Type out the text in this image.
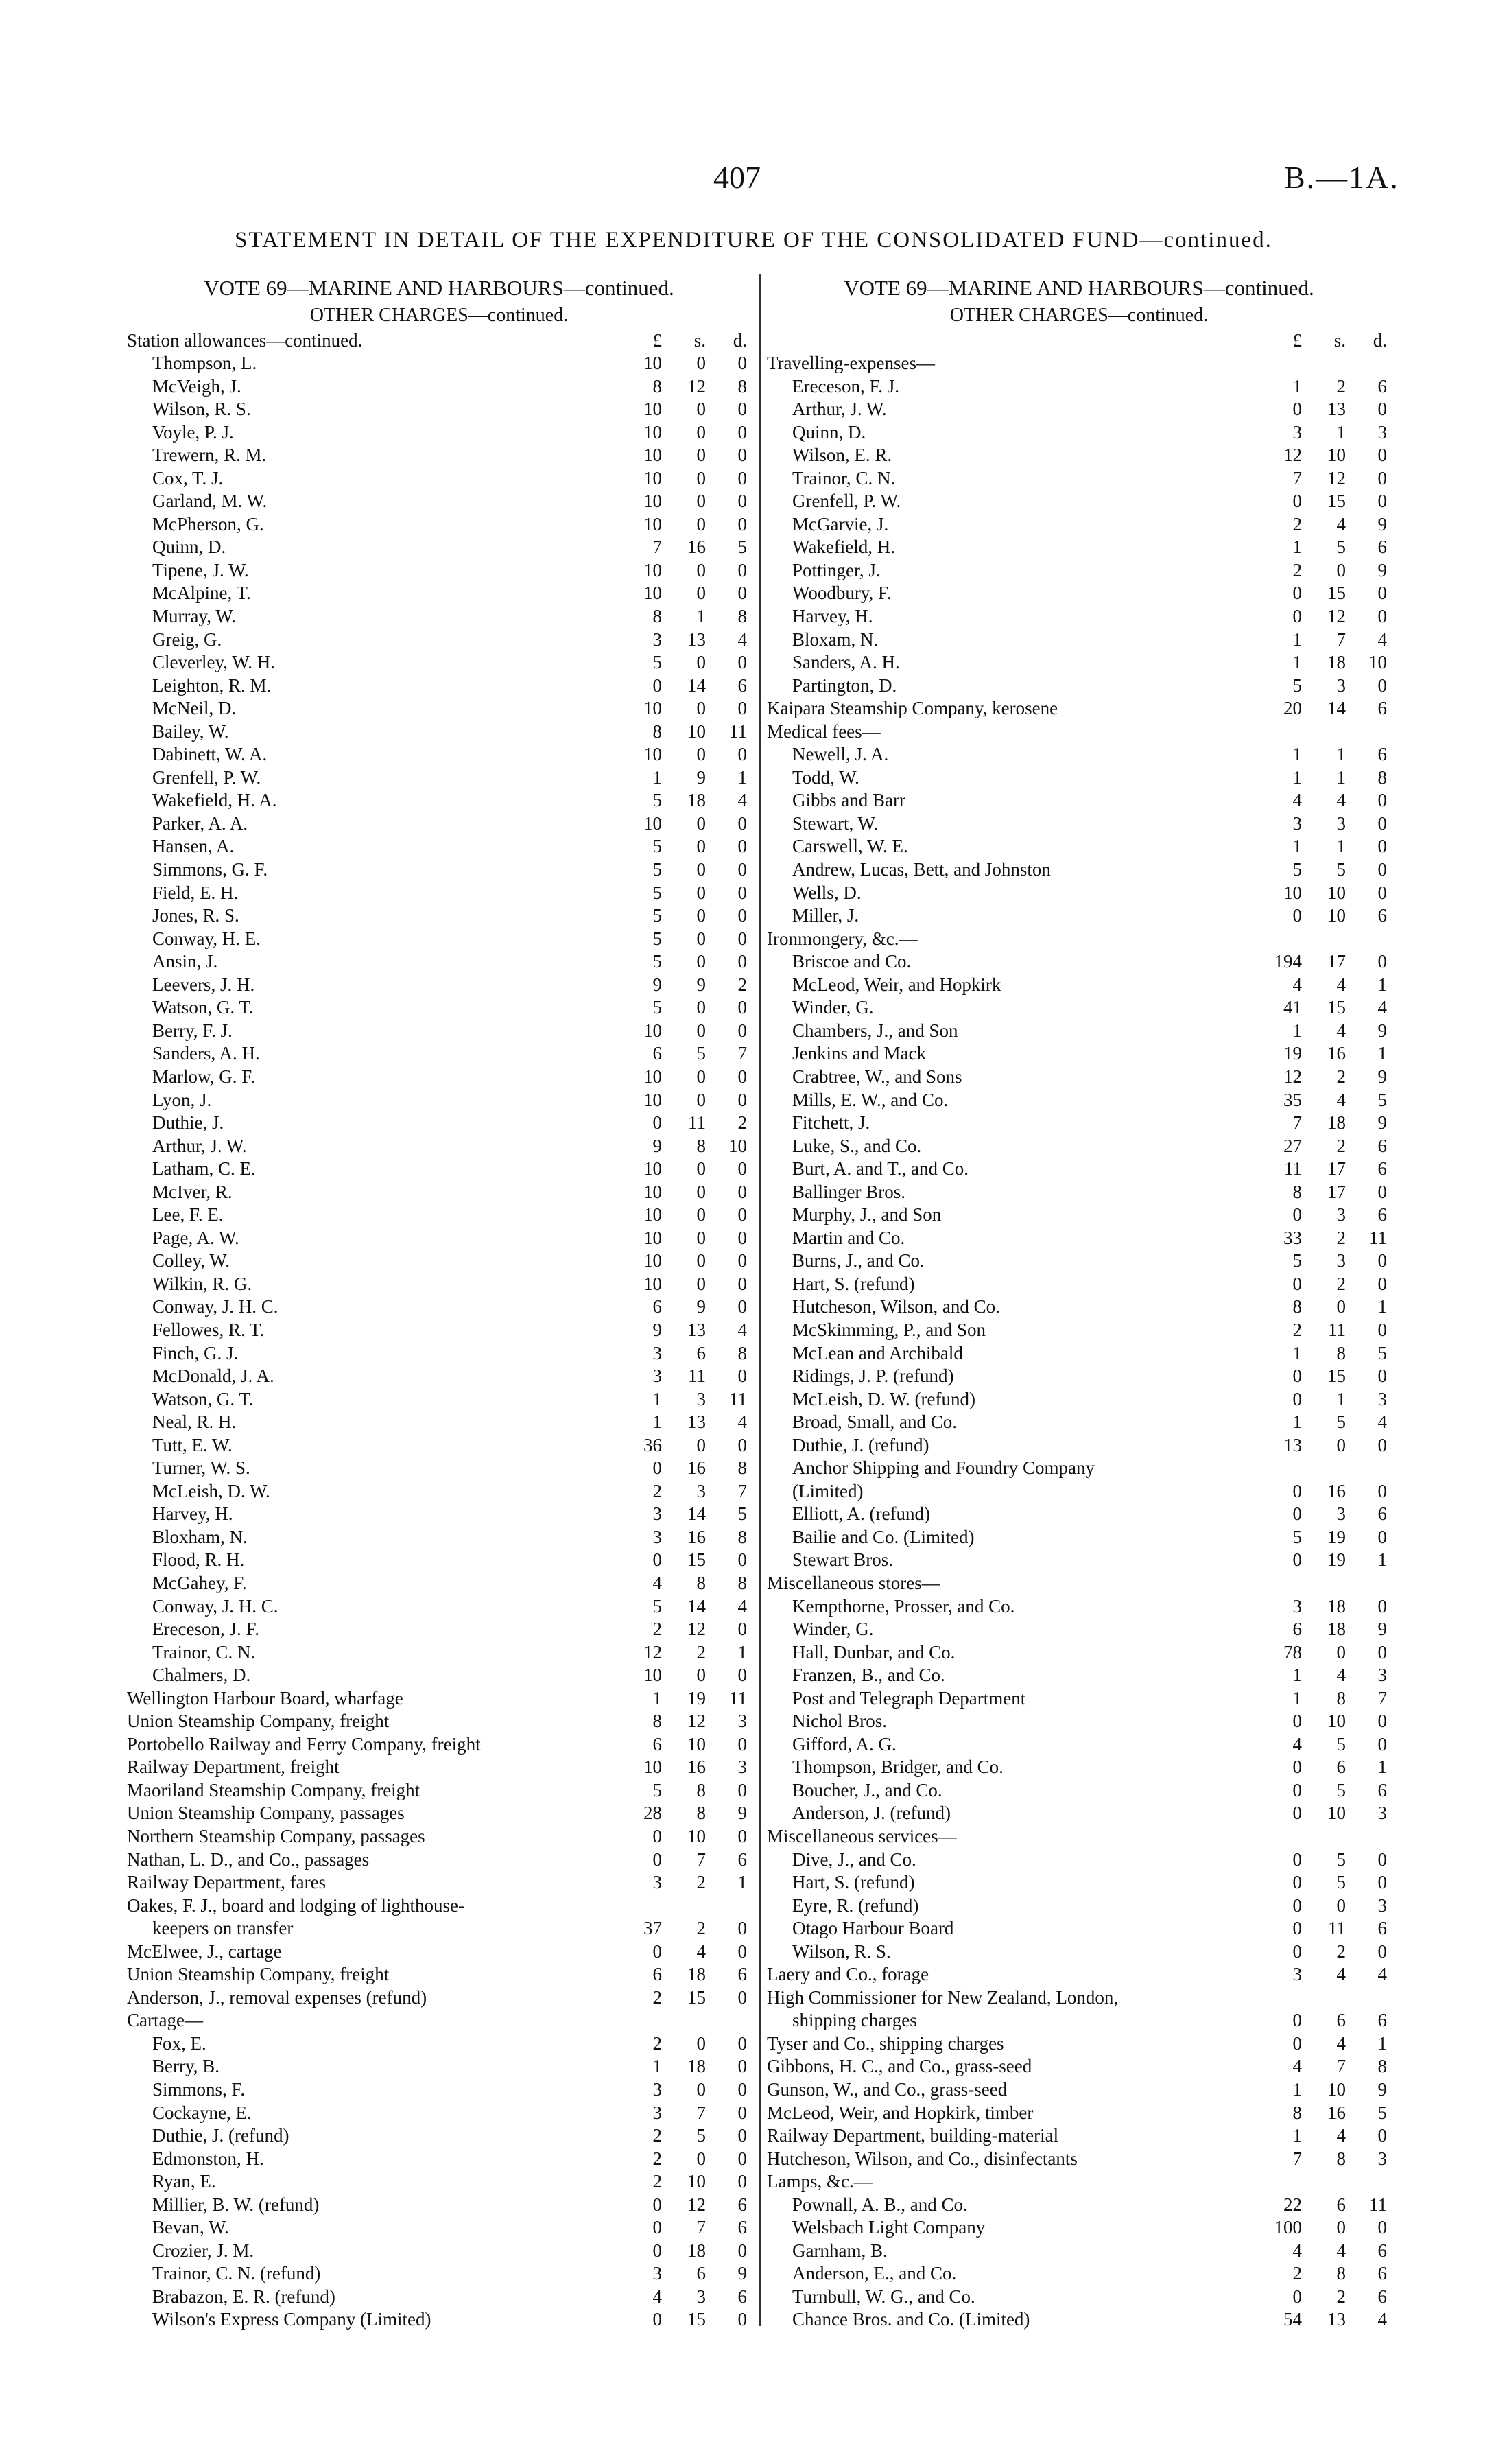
407	B.—1A.
STATEMENT IN DETAIL OF THE EXPENDITURE OF THE CONSOLIDATED FUND—continued.
VOTE 69—MARINE AND HARBOURS—continued.
OTHER CHARGES—continued.
Station allowances—continued.	£	s.	d.
Thompson, L.	10	0	0
McVeigh, J.	8	12	8
Wilson, R. S.	10	0	0
Voyle, P. J.	10	0	0
Trewern, R. M.	10	0	0
Cox, T. J.	10	0	0
Garland, M. W.	10	0	0
McPherson, G.	10	0	0
Quinn, D.	7	16	5
Tipene, J. W.	10	0	0
McAlpine, T.	10	0	0
Murray, W.	8	1	8
Greig, G.	3	13	4
Cleverley, W. H.	5	0	0
Leighton, R. M.	0	14	6
McNeil, D.	10	0	0
Bailey, W.	8	10	11
Dabinett, W. A.	10	0	0
Grenfell, P. W.	1	9	1
Wakefield, H. A.	5	18	4
Parker, A. A.	10	0	0
Hansen, A.	5	0	0
Simmons, G. F.	5	0	0
Field, E. H.	5	0	0
Jones, R. S.	5	0	0
Conway, H. E.	5	0	0
Ansin, J.	5	0	0
Leevers, J. H.	9	9	2
Watson, G. T.	5	0	0
Berry, F. J.	10	0	0
Sanders, A. H.	6	5	7
Marlow, G. F.	10	0	0
Lyon, J.	10	0	0
Duthie, J.	0	11	2
Arthur, J. W.	9	8	10
Latham, C. E.	10	0	0
McIver, R.	10	0	0
Lee, F. E.	10	0	0
Page, A. W.	10	0	0
Colley, W.	10	0	0
Wilkin, R. G.	10	0	0
Conway, J. H. C.	6	9	0
Fellowes, R. T.	9	13	4
Finch, G. J.	3	6	8
McDonald, J. A.	3	11	0
Watson, G. T.	1	3	11
Neal, R. H.	1	13	4
Tutt, E. W.	36	0	0
Turner, W. S.	0	16	8
McLeish, D. W.	2	3	7
Harvey, H.	3	14	5
Bloxham, N.	3	16	8
Flood, R. H.	0	15	0
McGahey, F.	4	8	8
Conway, J. H. C.	5	14	4
Ereceson, J. F.	2	12	0
Trainor, C. N.	12	2	1
Chalmers, D.	10	0	0
Wellington Harbour Board, wharfage	1	19	11
Union Steamship Company, freight	8	12	3
Portobello Railway and Ferry Company, freight	6	10	0
Railway Department, freight	10	16	3
Maoriland Steamship Company, freight	5	8	0
Union Steamship Company, passages	28	8	9
Northern Steamship Company, passages	0	10	0
Nathan, L. D., and Co., passages	0	7	6
Railway Department, fares	3	2	1
Oakes, F. J., board and lodging of lighthouse-
keepers on transfer	37	2	0
McElwee, J., cartage	0	4	0
Union Steamship Company, freight	6	18	6
Anderson, J., removal expenses (refund)	2	15	0
Cartage—
Fox, E.	2	0	0
Berry, B.	1	18	0
Simmons, F.	3	0	0
Cockayne, E.	3	7	0
Duthie, J. (refund)	2	5	0
Edmonston, H.	2	0	0
Ryan, E.	2	10	0
Millier, B. W. (refund)	0	12	6
Bevan, W.	0	7	6
Crozier, J. M.	0	18	0
Trainor, C. N. (refund)	3	6	9
Brabazon, E. R. (refund)	4	3	6
Wilson's Express Company (Limited)	0	15	0
VOTE 69—MARINE AND HARBOURS—continued.
OTHER CHARGES—continued.
£	s.	d.
Travelling-expenses—
Ereceson, F. J.	1	2	6
Arthur, J. W.	0	13	0
Quinn, D.	3	1	3
Wilson, E. R.	12	10	0
Trainor, C. N.	7	12	0
Grenfell, P. W.	0	15	0
McGarvie, J.	2	4	9
Wakefield, H.	1	5	6
Pottinger, J.	2	0	9
Woodbury, F.	0	15	0
Harvey, H.	0	12	0
Bloxam, N.	1	7	4
Sanders, A. H.	1	18	10
Partington, D.	5	3	0
Kaipara Steamship Company, kerosene	20	14	6
Medical fees—
Newell, J. A.	1	1	6
Todd, W.	1	1	8
Gibbs and Barr	4	4	0
Stewart, W.	3	3	0
Carswell, W. E.	1	1	0
Andrew, Lucas, Bett, and Johnston	5	5	0
Wells, D.	10	10	0
Miller, J.	0	10	6
Ironmongery, &c.—
Briscoe and Co.	194	17	0
McLeod, Weir, and Hopkirk	4	4	1
Winder, G.	41	15	4
Chambers, J., and Son	1	4	9
Jenkins and Mack	19	16	1
Crabtree, W., and Sons	12	2	9
Mills, E. W., and Co.	35	4	5
Fitchett, J.	7	18	9
Luke, S., and Co.	27	2	6
Burt, A. and T., and Co.	11	17	6
Ballinger Bros.	8	17	0
Murphy, J., and Son	0	3	6
Martin and Co.	33	2	11
Burns, J., and Co.	5	3	0
Hart, S. (refund)	0	2	0
Hutcheson, Wilson, and Co.	8	0	1
McSkimming, P., and Son	2	11	0
McLean and Archibald	1	8	5
Ridings, J. P. (refund)	0	15	0
McLeish, D. W. (refund)	0	1	3
Broad, Small, and Co.	1	5	4
Duthie, J. (refund)	13	0	0
Anchor Shipping and Foundry Company
(Limited)	0	16	0
Elliott, A. (refund)	0	3	6
Bailie and Co. (Limited)	5	19	0
Stewart Bros.	0	19	1
Miscellaneous stores—
Kempthorne, Prosser, and Co.	3	18	0
Winder, G.	6	18	9
Hall, Dunbar, and Co.	78	0	0
Franzen, B., and Co.	1	4	3
Post and Telegraph Department	1	8	7
Nichol Bros.	0	10	0
Gifford, A. G.	4	5	0
Thompson, Bridger, and Co.	0	6	1
Boucher, J., and Co.	0	5	6
Anderson, J. (refund)	0	10	3
Miscellaneous services—
Dive, J., and Co.	0	5	0
Hart, S. (refund)	0	5	0
Eyre, R. (refund)	0	0	3
Otago Harbour Board	0	11	6
Wilson, R. S.	0	2	0
Laery and Co., forage	3	4	4
High Commissioner for New Zealand, London,
shipping charges	0	6	6
Tyser and Co., shipping charges	0	4	1
Gibbons, H. C., and Co., grass-seed	4	7	8
Gunson, W., and Co., grass-seed	1	10	9
McLeod, Weir, and Hopkirk, timber	8	16	5
Railway Department, building-material	1	4	0
Hutcheson, Wilson, and Co., disinfectants	7	8	3
Lamps, &c.—
Pownall, A. B., and Co.	22	6	11
Welsbach Light Company	100	0	0
Garnham, B.	4	4	6
Anderson, E., and Co.	2	8	6
Turnbull, W. G., and Co.	0	2	6
Chance Bros. and Co. (Limited)	54	13	4
